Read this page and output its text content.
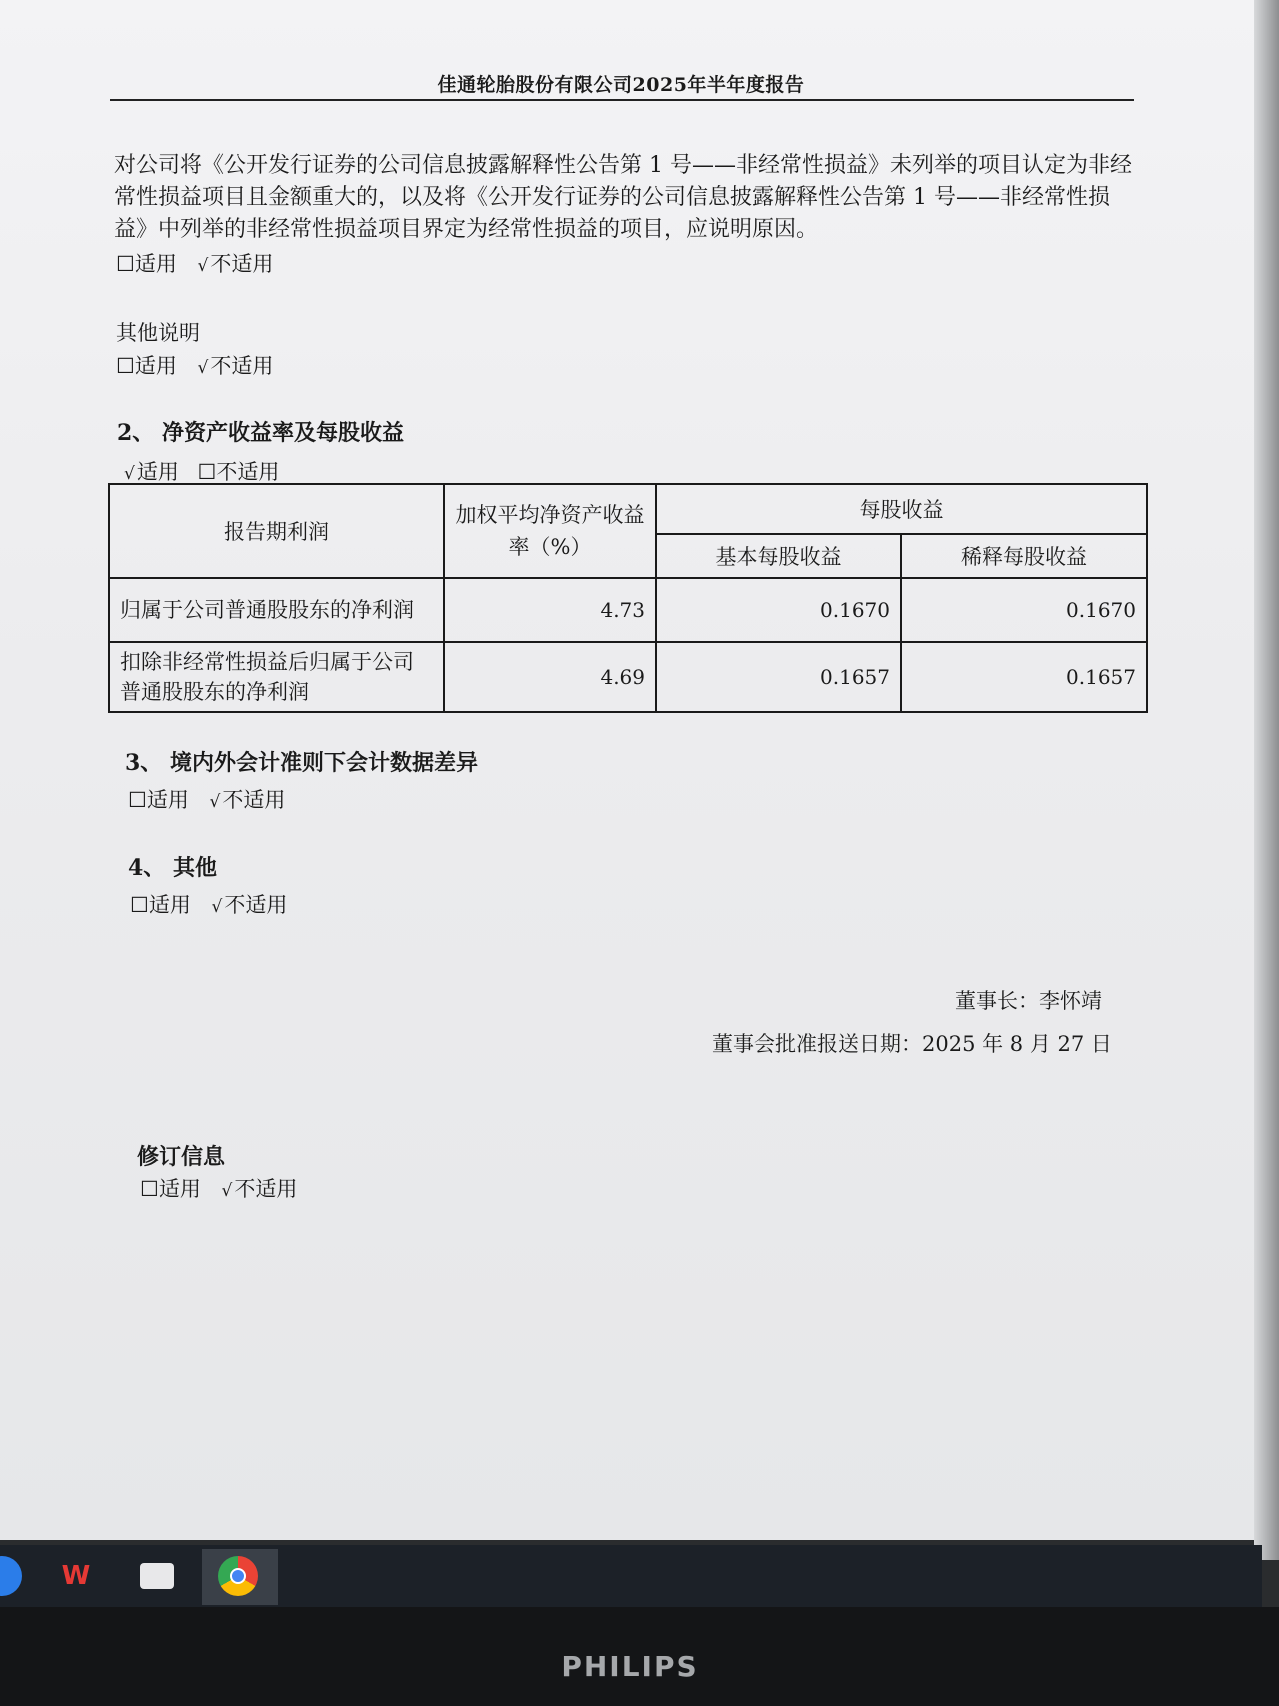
佳通轮胎股份有限公司2025年半年度报告

对公司将《公开发行证券的公司信息披露解释性公告第 1 号——非经常性损益》未列举的项目认定为非经常性损益项目且金额重大的，以及将《公开发行证券的公司信息披露解释性公告第 1 号——非经常性损益》中列举的非经常性损益项目界定为经常性损益的项目，应说明原因。

☐适用 √不适用
其他说明
☐适用 √不适用
2、 净资产收益率及每股收益
√适用 ☐不适用
报告期利润	加权平均净资产收益率（%）	每股收益	
		基本每股收益	稀释每股收益
归属于公司普通股股东的净利润	4.73	0.1670	0.1670
扣除非经常性损益后归属于公司普通股股东的净利润	4.69	0.1657	0.1657
3、 境内外会计准则下会计数据差异
☐适用 √不适用
4、 其他
☐适用 √不适用
董事长：李怀靖
董事会批准报送日期：2025 年 8 月 27 日
修订信息
☐适用 √不适用
W
PHILIPS
